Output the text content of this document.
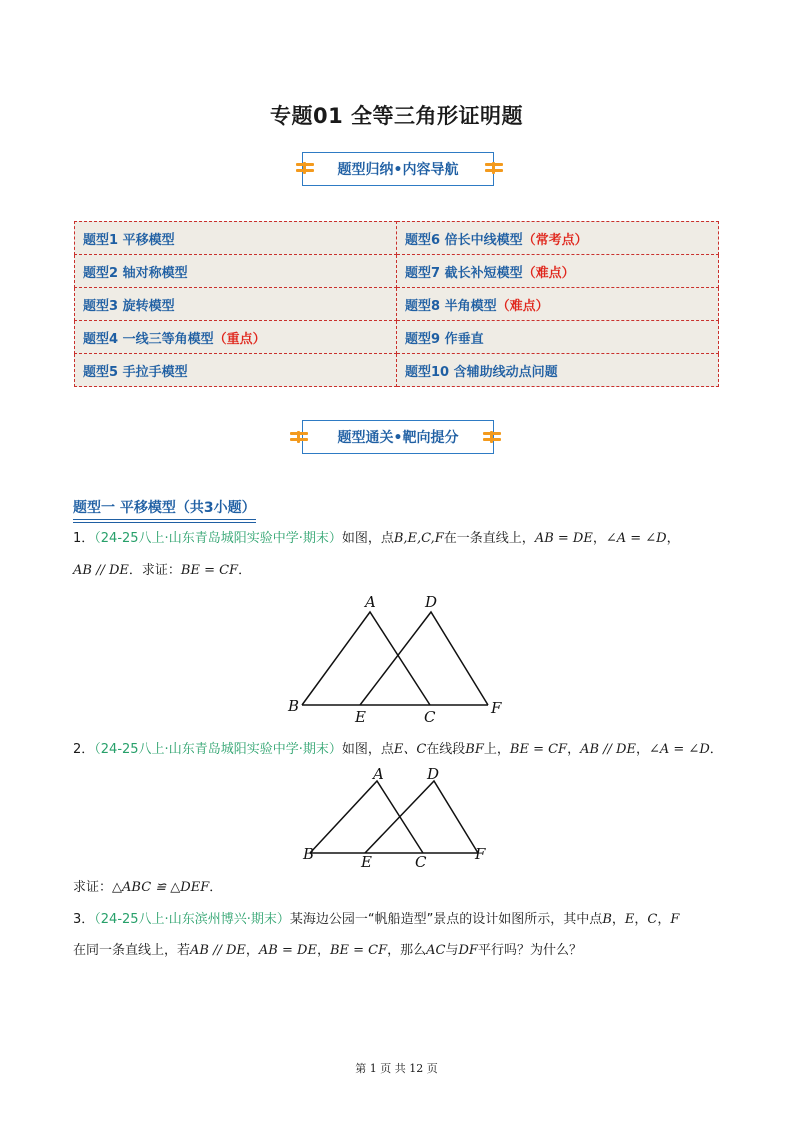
专题01 全等三角形证明题
题型归纳•内容导航
题型1 平移模型	题型6 倍长中线模型（常考点）
题型2 轴对称模型	题型7 截长补短模型（难点）
题型3 旋转模型	题型8 半角模型（难点）
题型4 一线三等角模型（重点）	题型9 作垂直
题型5 手拉手模型	题型10 含辅助线动点问题
题型通关•靶向提分
题型一 平移模型（共3小题）
1．（24-25八上·山东青岛城阳实验中学·期末）如图，点B,E,C,F在一条直线上，AB = DE，∠A = ∠D，
AB // DE．求证：BE = CF．
A	D
B
E	C	F
2．（24-25八上·山东青岛城阳实验中学·期末）如图，点E、C在线段BF上，BE = CF，AB // DE，∠A = ∠D．
A	D
B	E	C	F
求证：△ABC ≌ △DEF．
3．（24-25八上·山东滨州博兴·期末）某海边公园一“帆船造型”景点的设计如图所示，其中点B，E，C，F
在同一条直线上，若AB // DE，AB = DE，BE = CF，那么AC与DF平行吗？为什么？
第 1 页 共 12 页
